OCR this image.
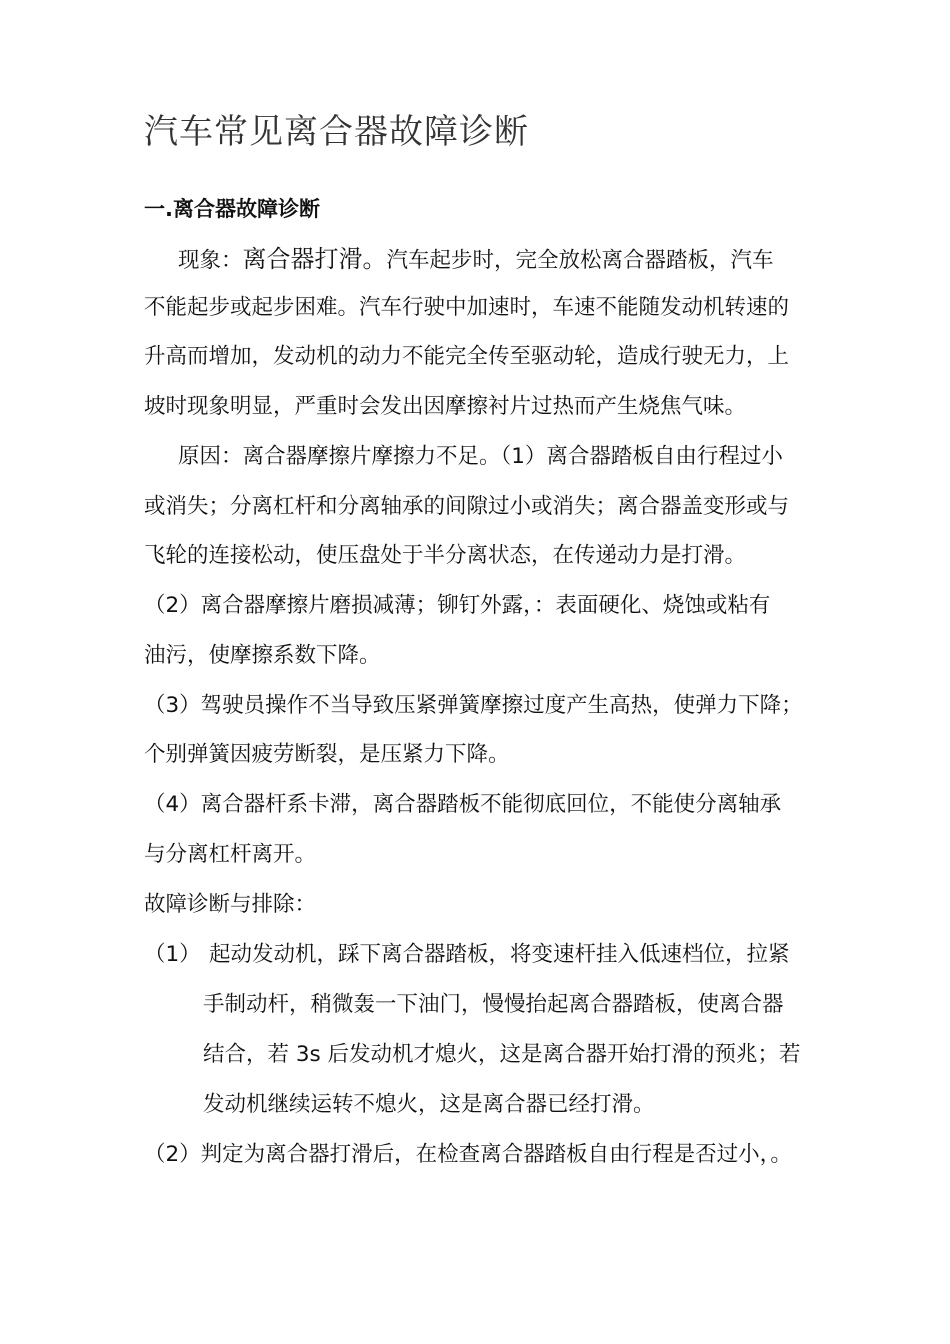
汽车常见离合器故障诊断
一.离合器故障诊断
现象：离合器打滑。汽车起步时，完全放松离合器踏板，汽车
不能起步或起步困难。汽车行驶中加速时，车速不能随发动机转速的
升高而增加，发动机的动力不能完全传至驱动轮，造成行驶无力，上
坡时现象明显，严重时会发出因摩擦衬片过热而产生烧焦气味。
原因：离合器摩擦片摩擦力不足。（1）离合器踏板自由行程过小
或消失；分离杠杆和分离轴承的间隙过小或消失；离合器盖变形或与
飞轮的连接松动，使压盘处于半分离状态，在传递动力是打滑。
（2）离合器摩擦片磨损减薄；铆钉外露，：表面硬化、烧蚀或粘有
油污，使摩擦系数下降。
（3）驾驶员操作不当导致压紧弹簧摩擦过度产生高热，使弹力下降；
个别弹簧因疲劳断裂，是压紧力下降。
（4）离合器杆系卡滞，离合器踏板不能彻底回位，不能使分离轴承
与分离杠杆离开。
故障诊断与排除：
（1） 起动发动机，踩下离合器踏板，将变速杆挂入低速档位，拉紧
手制动杆，稍微轰一下油门，慢慢抬起离合器踏板，使离合器
结合，若 3s 后发动机才熄火，这是离合器开始打滑的预兆；若
发动机继续运转不熄火，这是离合器已经打滑。
（2）判定为离合器打滑后，在检查离合器踏板自由行程是否过小，。
